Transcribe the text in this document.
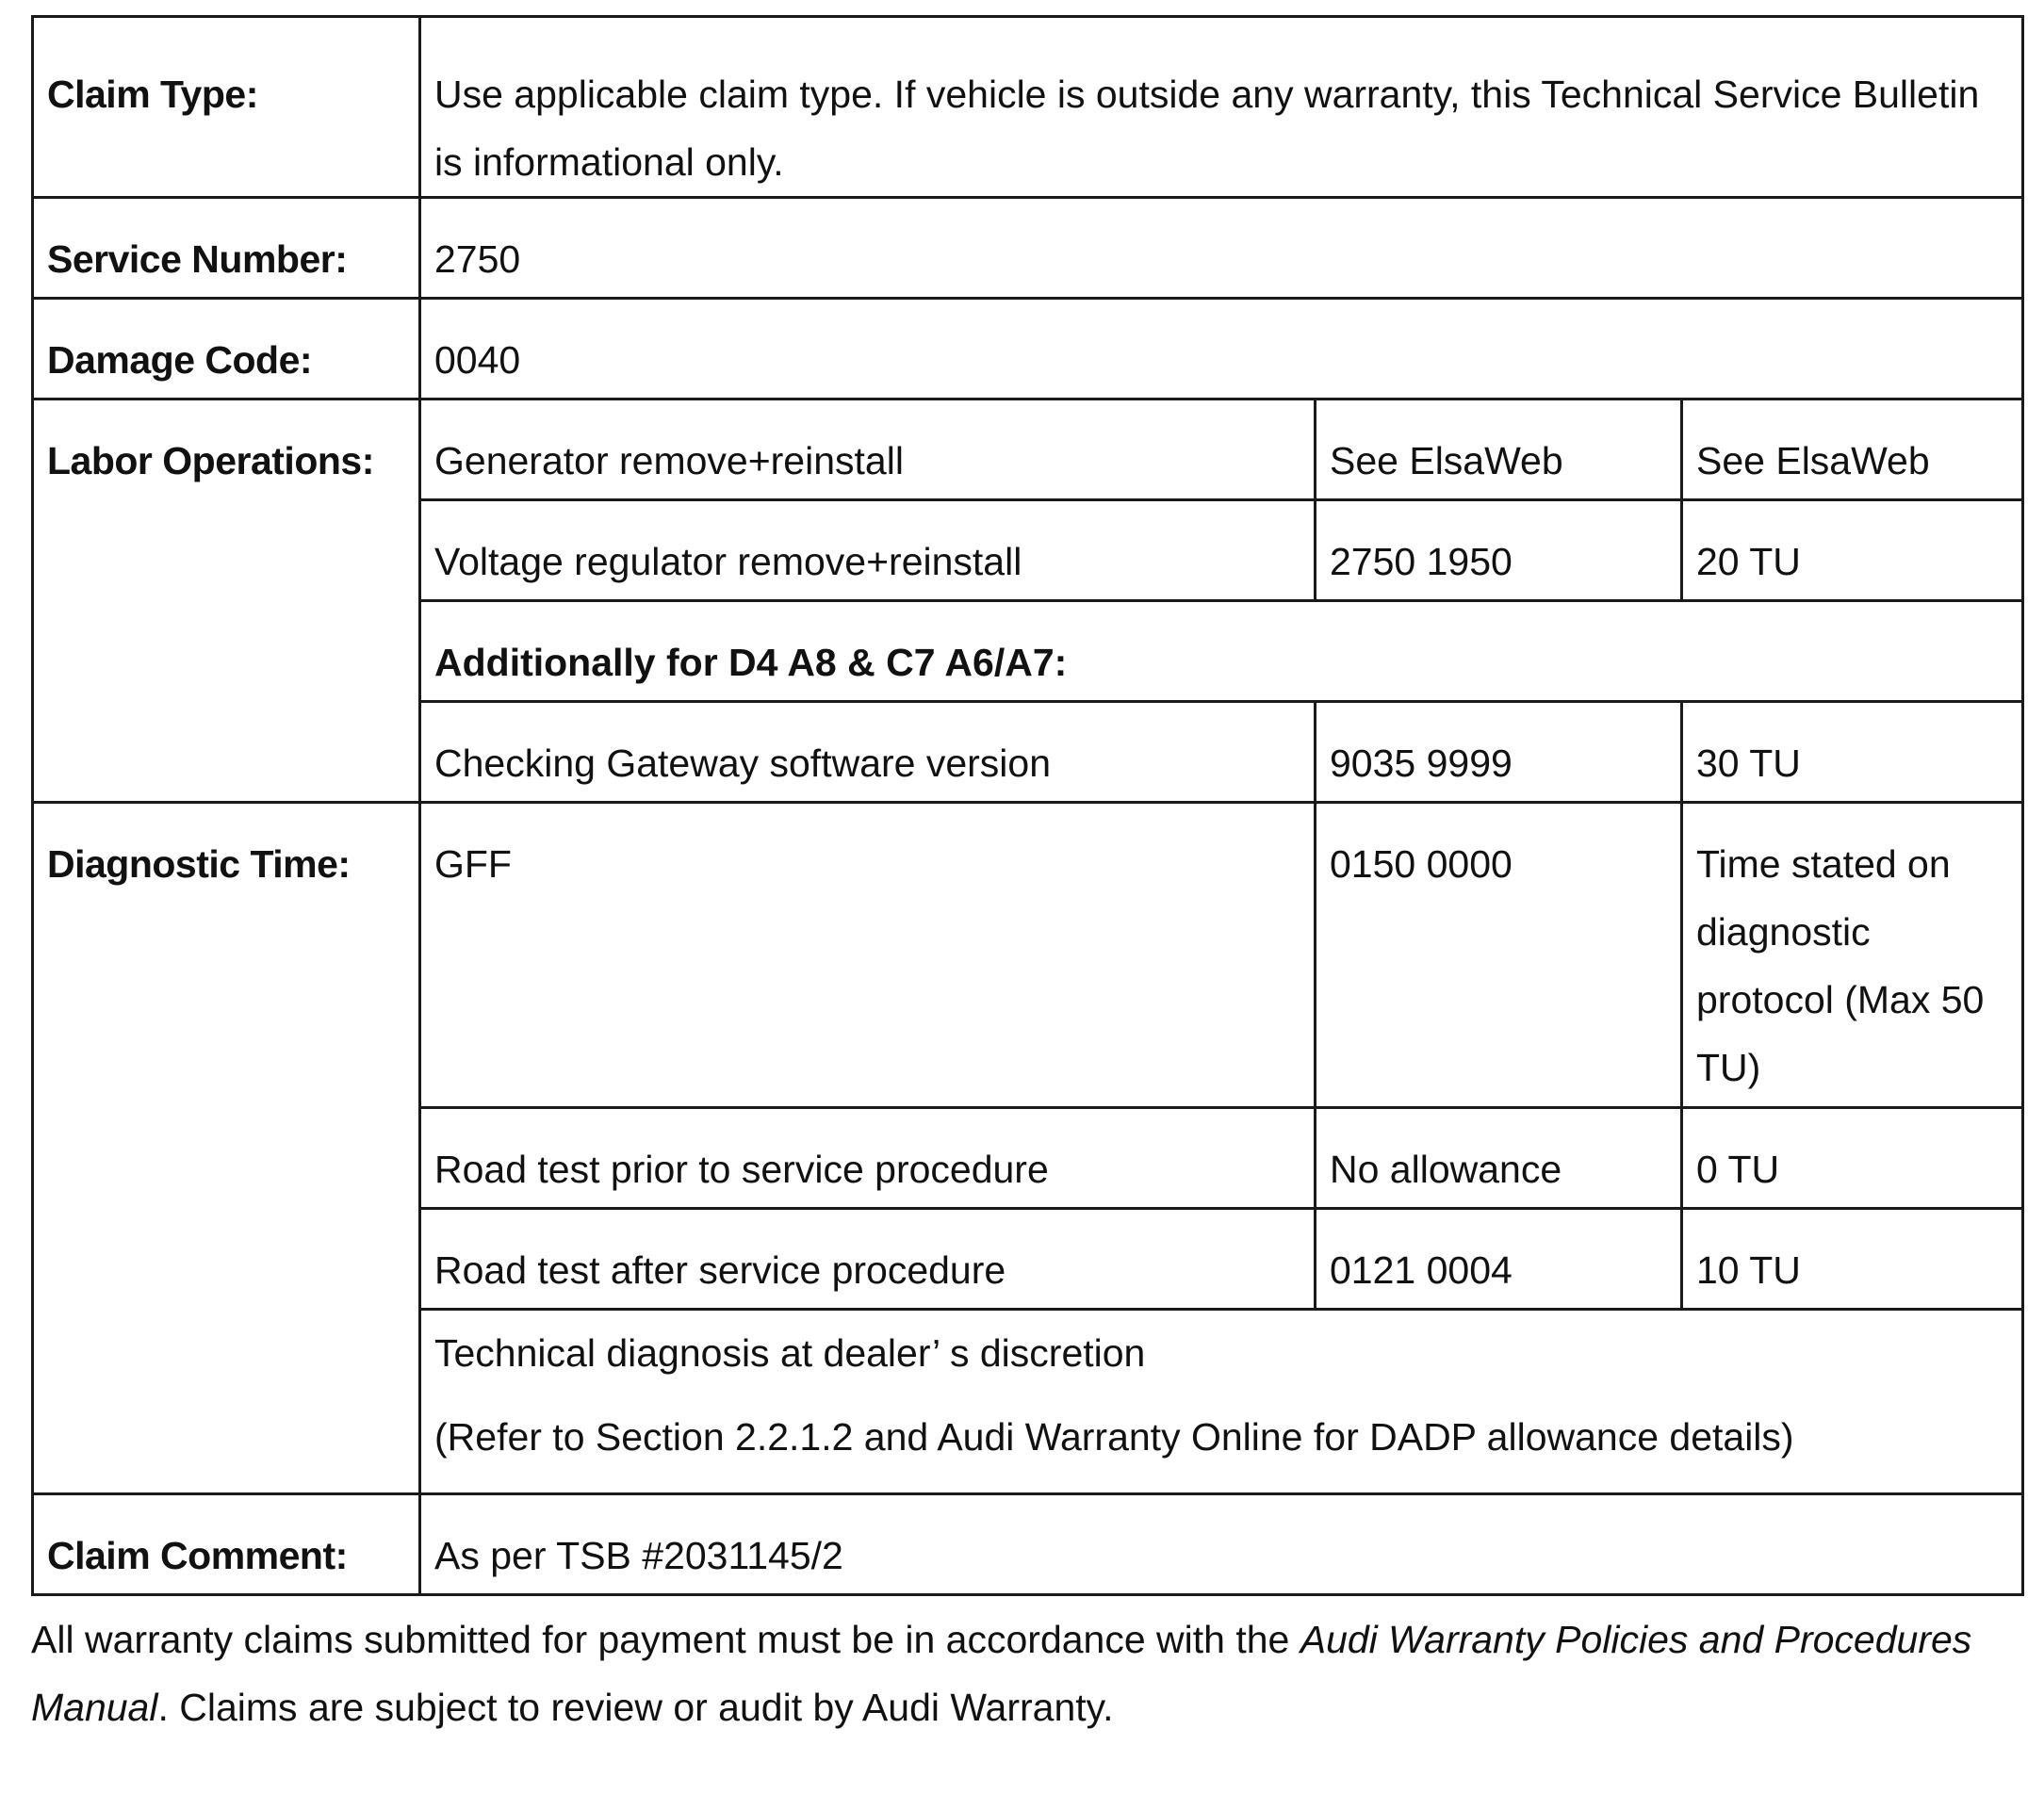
Claim Type:	Use applicable claim type. If vehicle is outside any warranty, this Technical Service Bulletin is informational only.		
Service Number:	2750		
Damage Code:	0040		
Labor Operations:	Generator remove+reinstall	See ElsaWeb	See ElsaWeb
	Voltage regulator remove+reinstall	2750 1950	20 TU
	Additionally for D4 A8 & C7 A6/A7:		
	Checking Gateway software version	9035 9999	30 TU
Diagnostic Time:	GFF	0150 0000	Time stated on diagnostic protocol (Max 50 TU)
	Road test prior to service procedure	No allowance	0 TU
	Road test after service procedure	0121 0004	10 TU

	Technical diagnosis at dealer’ s discretion
(Refer to Section 2.2.1.2 and Audi Warranty Online for DADP allowance details)		

Claim Comment:	As per TSB #2031145/2		

All warranty claims submitted for payment must be in accordance with the Audi Warranty Policies and Procedures Manual. Claims are subject to review or audit by Audi Warranty.
